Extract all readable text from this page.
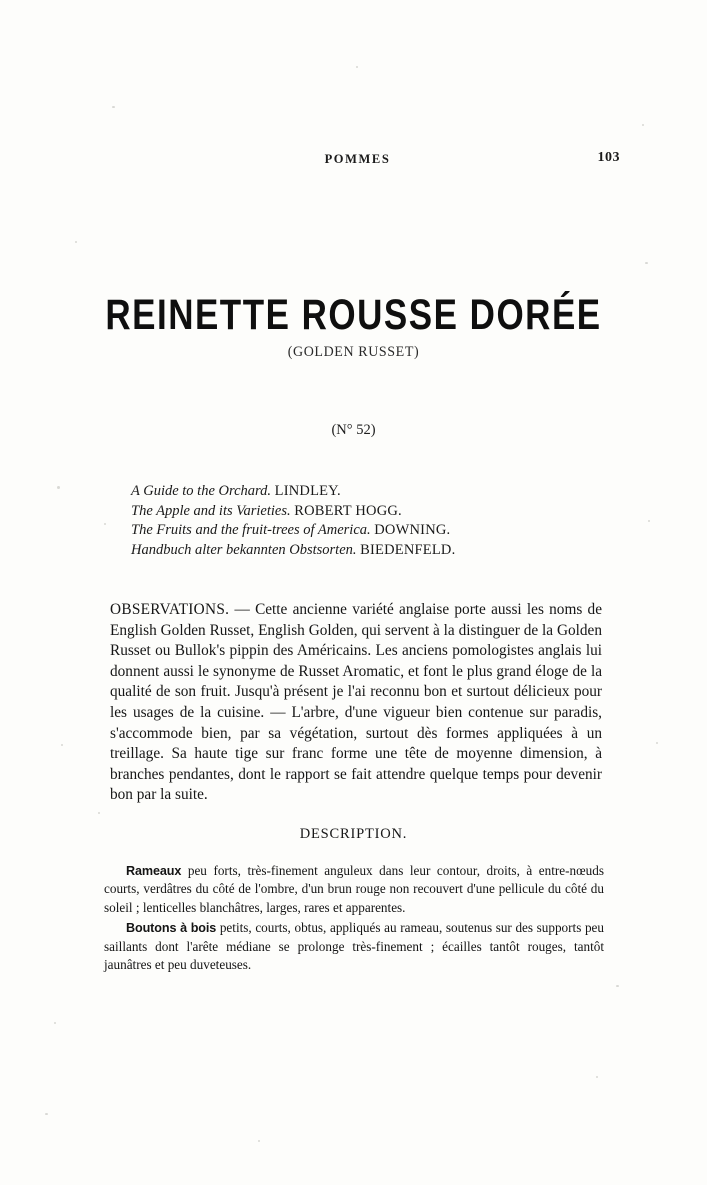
POMMES	103
REINETTE ROUSSE DORÉE
(GOLDEN RUSSET)
(N° 52)
A Guide to the Orchard. LINDLEY.
The Apple and its Varieties. ROBERT HOGG.
The Fruits and the fruit-trees of America. DOWNING.
Handbuch alter bekannten Obstsorten. BIEDENFELD.
OBSERVATIONS. — Cette ancienne variété anglaise porte aussi les noms de English Golden Russet, English Golden, qui servent à la distinguer de la Golden Russet ou Bullok's pippin des Américains. Les anciens pomologistes anglais lui donnent aussi le synonyme de Russet Aromatic, et font le plus grand éloge de la qualité de son fruit. Jusqu'à présent je l'ai reconnu bon et surtout délicieux pour les usages de la cuisine. — L'arbre, d'une vigueur bien contenue sur paradis, s'accommode bien, par sa végétation, surtout dès formes appliquées à un treillage. Sa haute tige sur franc forme une tête de moyenne dimension, à branches pendantes, dont le rapport se fait attendre quelque temps pour devenir bon par la suite.
DESCRIPTION.

Rameaux peu forts, très-finement anguleux dans leur contour, droits, à entre-nœuds courts, verdâtres du côté de l'ombre, d'un brun rouge non recouvert d'une pellicule du côté du soleil ; lenticelles blanchâtres, larges, rares et apparentes.

Boutons à bois petits, courts, obtus, appliqués au rameau, soutenus sur des supports peu saillants dont l'arête médiane se prolonge très-finement ; écailles tantôt rouges, tantôt jaunâtres et peu duveteuses.
